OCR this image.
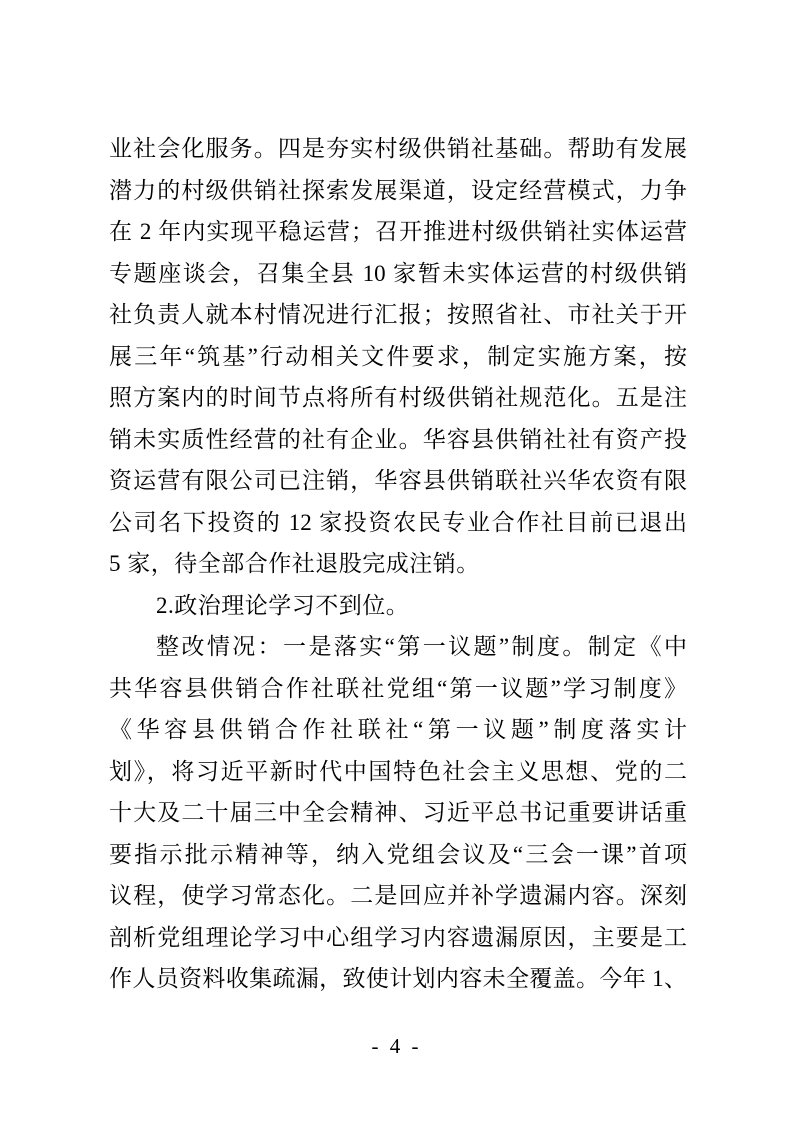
业社会化服务。四是夯实村级供销社基础。帮助有发展
潜力的村级供销社探索发展渠道，设定经营模式，力争
在 2 年内实现平稳运营；召开推进村级供销社实体运营
专题座谈会，召集全县 10 家暂未实体运营的村级供销
社负责人就本村情况进行汇报；按照省社、市社关于开
展三年“筑基”行动相关文件要求，制定实施方案，按
照方案内的时间节点将所有村级供销社规范化。五是注
销未实质性经营的社有企业。华容县供销社社有资产投
资运营有限公司已注销，华容县供销联社兴华农资有限
公司名下投资的 12 家投资农民专业合作社目前已退出
5 家，待全部合作社退股完成注销。
2.政治理论学习不到位。
整改情况：一是落实“第一议题”制度。制定《中
共华容县供销合作社联社党组“第一议题”学习制度》
《华容县供销合作社联社“第一议题”制度落实计
划》，将习近平新时代中国特色社会主义思想、党的二
十大及二十届三中全会精神、习近平总书记重要讲话重
要指示批示精神等，纳入党组会议及“三会一课”首项
议程，使学习常态化。二是回应并补学遗漏内容。深刻
剖析党组理论学习中心组学习内容遗漏原因，主要是工
作人员资料收集疏漏，致使计划内容未全覆盖。今年 1、
- 4 -
